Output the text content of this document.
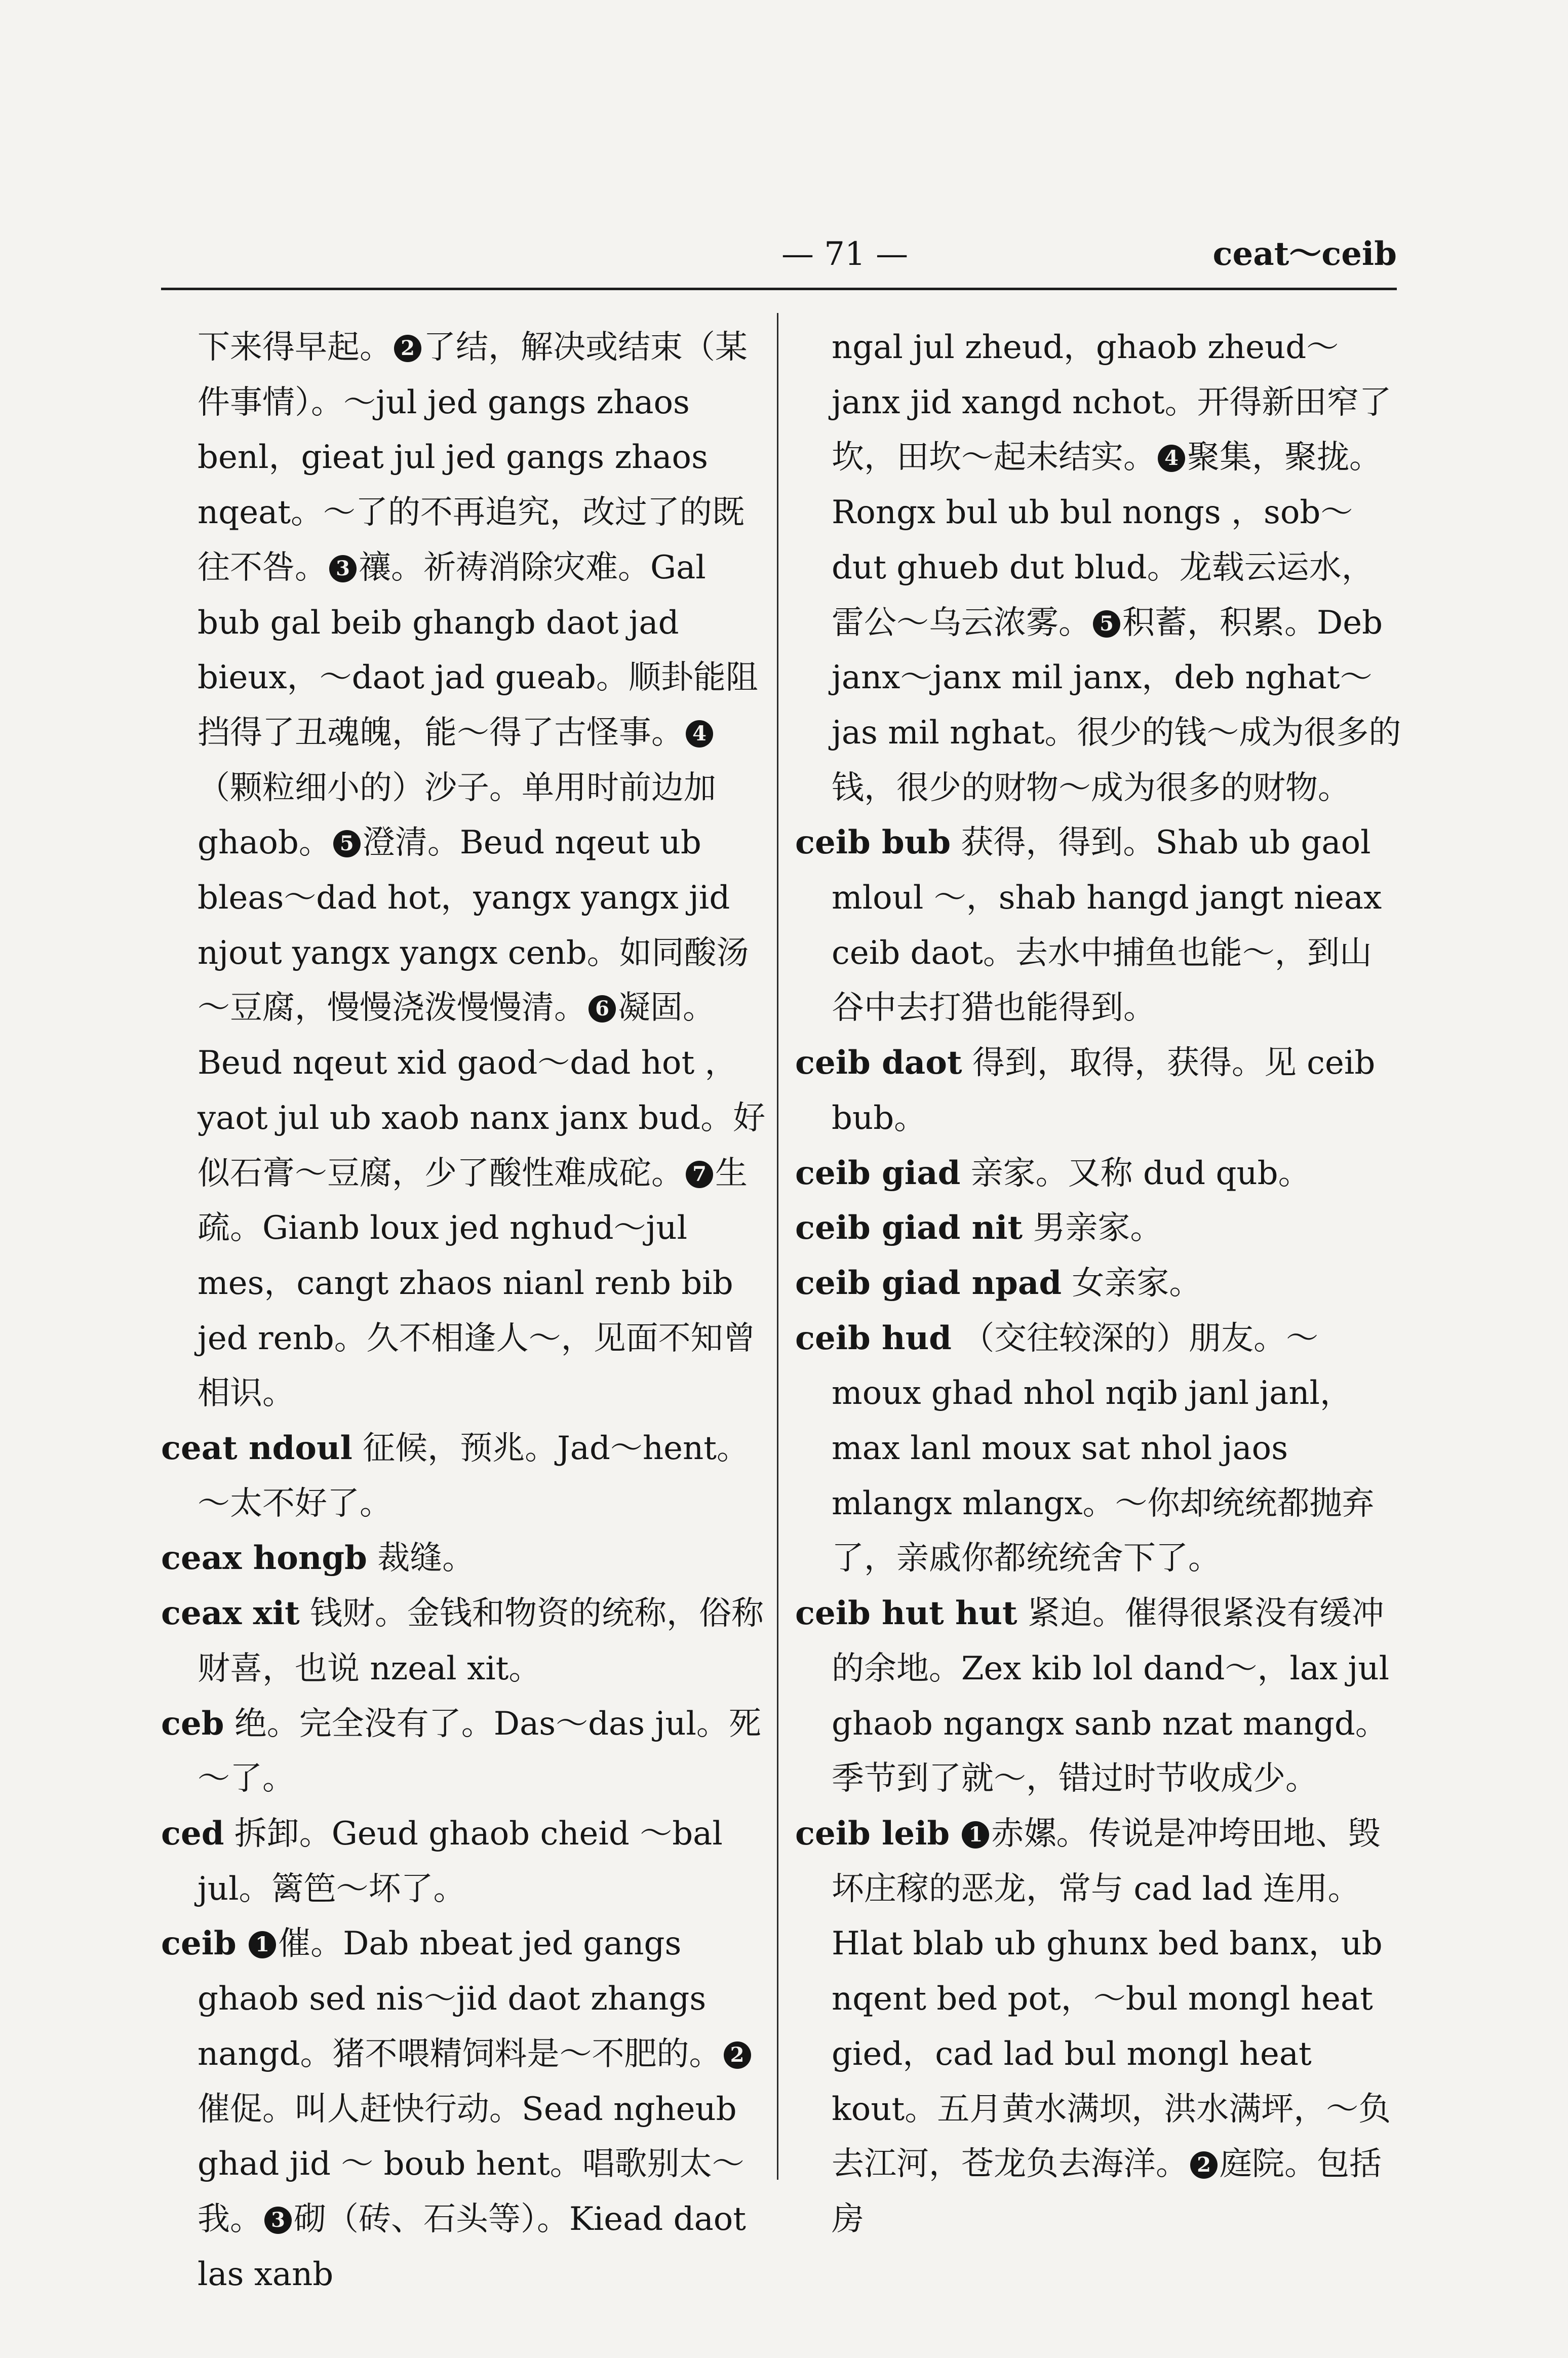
— 71 —	ceat～ceib

下来得早起。 2 了结，解决或结束（某件事情）。～jul jed gangs zhaos benl，gieat jul jed gangs zhaos nqeat。～了的不再追究，改过了的既往不咎。 3 禳。祈祷消除灾难。Gal bub gal beib ghangb daot jad bieux，～daot jad gueab。顺卦能阻挡得了丑魂魄，能～得了古怪事。 4（颗粒细小的）沙子。单用时前边加 ghaob。 5 澄清。Beud nqeut ub bleas～dad hot，yangx yangx jid njout yangx yangx cenb。如同酸汤～豆腐，慢慢浇泼慢慢清。 6 凝固。Beud nqeut xid gaod～dad hot ，yaot jul ub xaob nanx janx bud。好似石膏～豆腐，少了酸性难成砣。 7 生疏。Gianb loux jed nghud～jul mes，cangt zhaos nianl renb bib jed renb。久不相逢人～，见面不知曾相识。

ceat ndoul 征候，预兆。Jad～hent。～太不好了。

ceax hongb 裁缝。

ceax xit 钱财。金钱和物资的统称，俗称财喜，也说 nzeal xit。

ceb 绝。完全没有了。Das～das jul。死～了。

ced 拆卸。Geud ghaob cheid ～bal jul。篱笆～坏了。

ceib 1 催。Dab nbeat jed gangs ghaob sed nis～jid daot zhangs nangd。猪不喂精饲料是～不肥的。 2催促。叫人赶快行动。Sead ngheub ghad jid ～ boub hent。唱歌别太～我。 3 砌（砖、石头等）。Kiead daot las xanb

ngal jul zheud，ghaob zheud～janx jid xangd nchot。开得新田窄了坎，田坎～起未结实。 4 聚集，聚拢。Rongx bul ub bul nongs ，sob～dut ghueb dut blud。龙载云运水，雷公～乌云浓雾。 5 积蓄，积累。Deb janx～janx mil janx，deb nghat～jas mil nghat。很少的钱～成为很多的钱，很少的财物～成为很多的财物。

ceib bub 获得，得到。Shab ub gaol mloul ～，shab hangd jangt nieax ceib daot。去水中捕鱼也能～，到山谷中去打猎也能得到。

ceib daot 得到，取得，获得。见 ceib bub。

ceib giad 亲家。又称 dud qub。

ceib giad nit 男亲家。

ceib giad npad 女亲家。

ceib hud （交往较深的）朋友。～moux ghad nhol nqib janl janl，max lanl moux sat nhol jaos mlangx mlangx。～你却统统都抛弃了，亲戚你都统统舍下了。

ceib hut hut 紧迫。催得很紧没有缓冲的余地。Zex kib lol dand～，lax jul ghaob ngangx sanb nzat mangd。季节到了就～，错过时节收成少。

ceib leib 1 赤嫘。传说是冲垮田地、毁坏庄稼的恶龙，常与 cad lad 连用。Hlat blab ub ghunx bed banx，ub nqent bed pot，～bul mongl heat gied，cad lad bul mongl heat kout。五月黄水满坝，洪水满坪，～负去江河，苍龙负去海洋。 2 庭院。包括房
